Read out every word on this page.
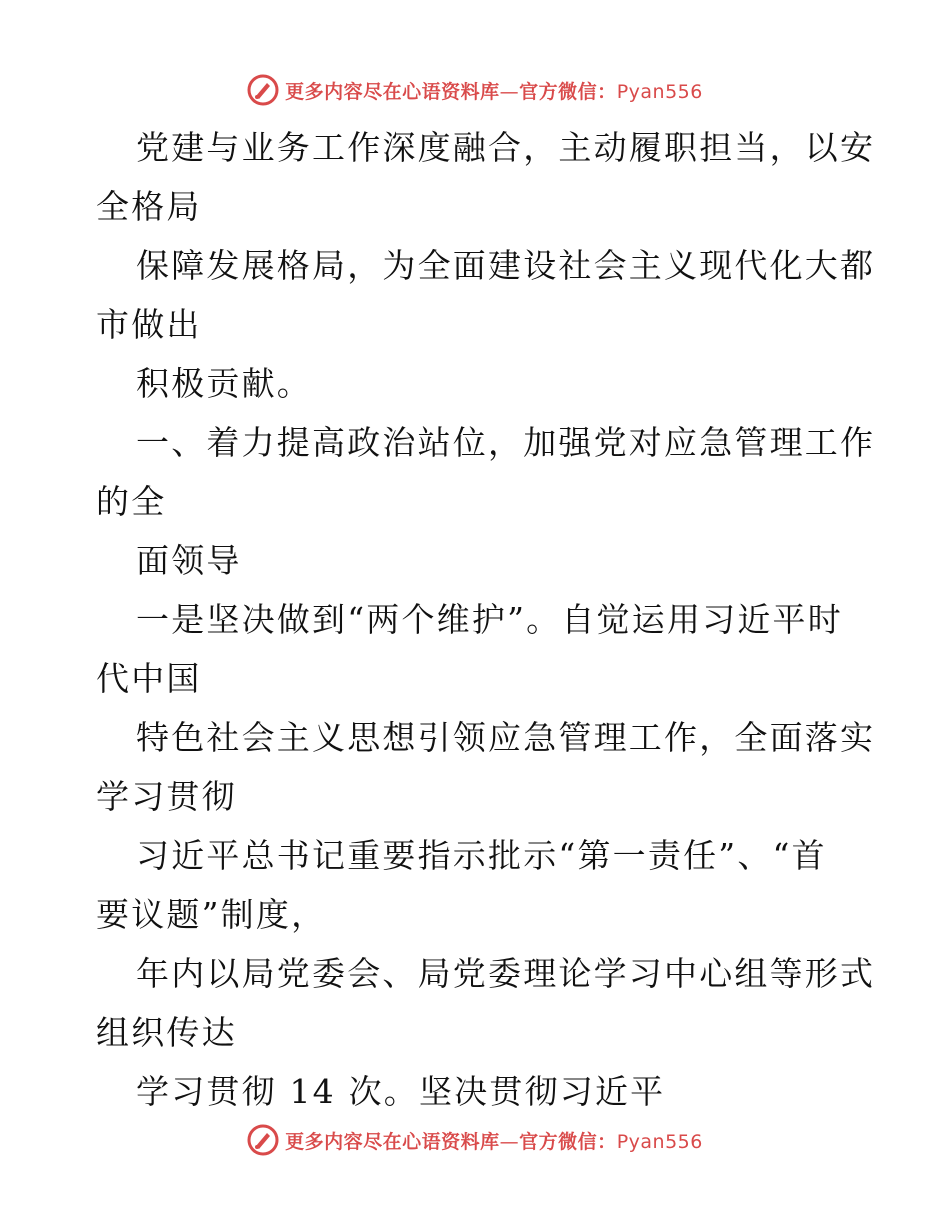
更多内容尽在心语资料库—官方微信：Pyan556
党建与业务工作深度融合，主动履职担当，以安
全格局
保障发展格局，为全面建设社会主义现代化大都
市做出
积极贡献。
一、着力提高政治站位，加强党对应急管理工作
的全
面领导
一是坚决做到“两个维护”。自觉运用习近平时
代中国
特色社会主义思想引领应急管理工作，全面落实
学习贯彻
习近平总书记重要指示批示“第一责任”、“首
要议题”制度，
年内以局党委会、局党委理论学习中心组等形式
组织传达
学习贯彻 14 次。坚决贯彻习近平
更多内容尽在心语资料库—官方微信：Pyan556
